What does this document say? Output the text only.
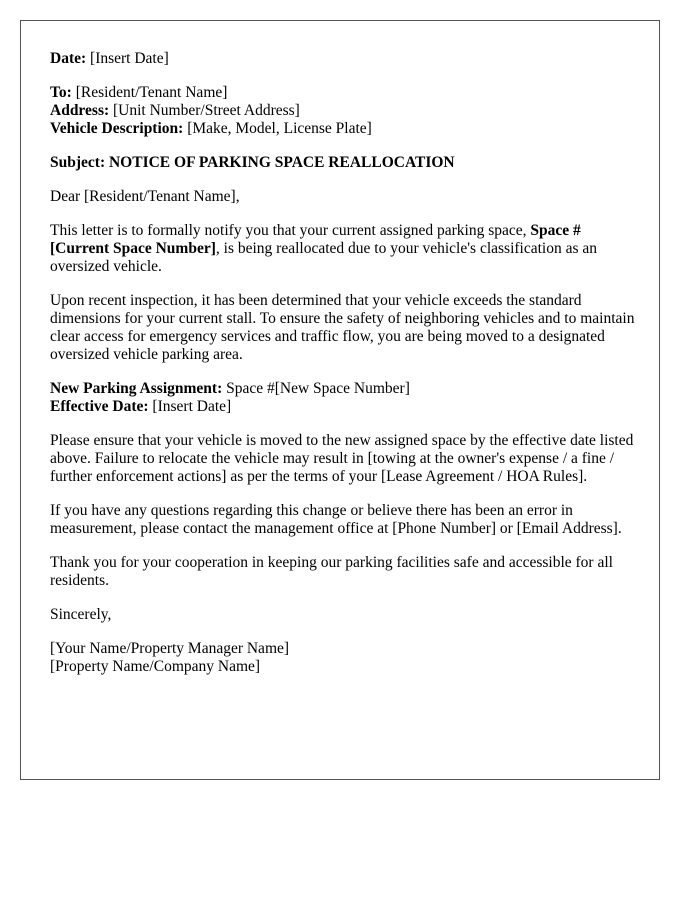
Date: [Insert Date]
To: [Resident/Tenant Name]
Address: [Unit Number/Street Address]
Vehicle Description: [Make, Model, License Plate]
Subject: NOTICE OF PARKING SPACE REALLOCATION

Dear [Resident/Tenant Name],

This letter is to formally notify you that your current assigned parking space, Space # [Current Space Number], is being reallocated due to your vehicle's classification as an oversized vehicle.

Upon recent inspection, it has been determined that your vehicle exceeds the standard dimensions for your current stall. To ensure the safety of neighboring vehicles and to maintain clear access for emergency services and traffic flow, you are being moved to a designated oversized vehicle parking area.

New Parking Assignment: Space #[New Space Number]
Effective Date: [Insert Date]

Please ensure that your vehicle is moved to the new assigned space by the effective date listed above. Failure to relocate the vehicle may result in [towing at the owner's expense / a fine / further enforcement actions] as per the terms of your [Lease Agreement / HOA Rules].

If you have any questions regarding this change or believe there has been an error in measurement, please contact the management office at [Phone Number] or [Email Address].

Thank you for your cooperation in keeping our parking facilities safe and accessible for all residents.

Sincerely,

[Your Name/Property Manager Name]
[Property Name/Company Name]
